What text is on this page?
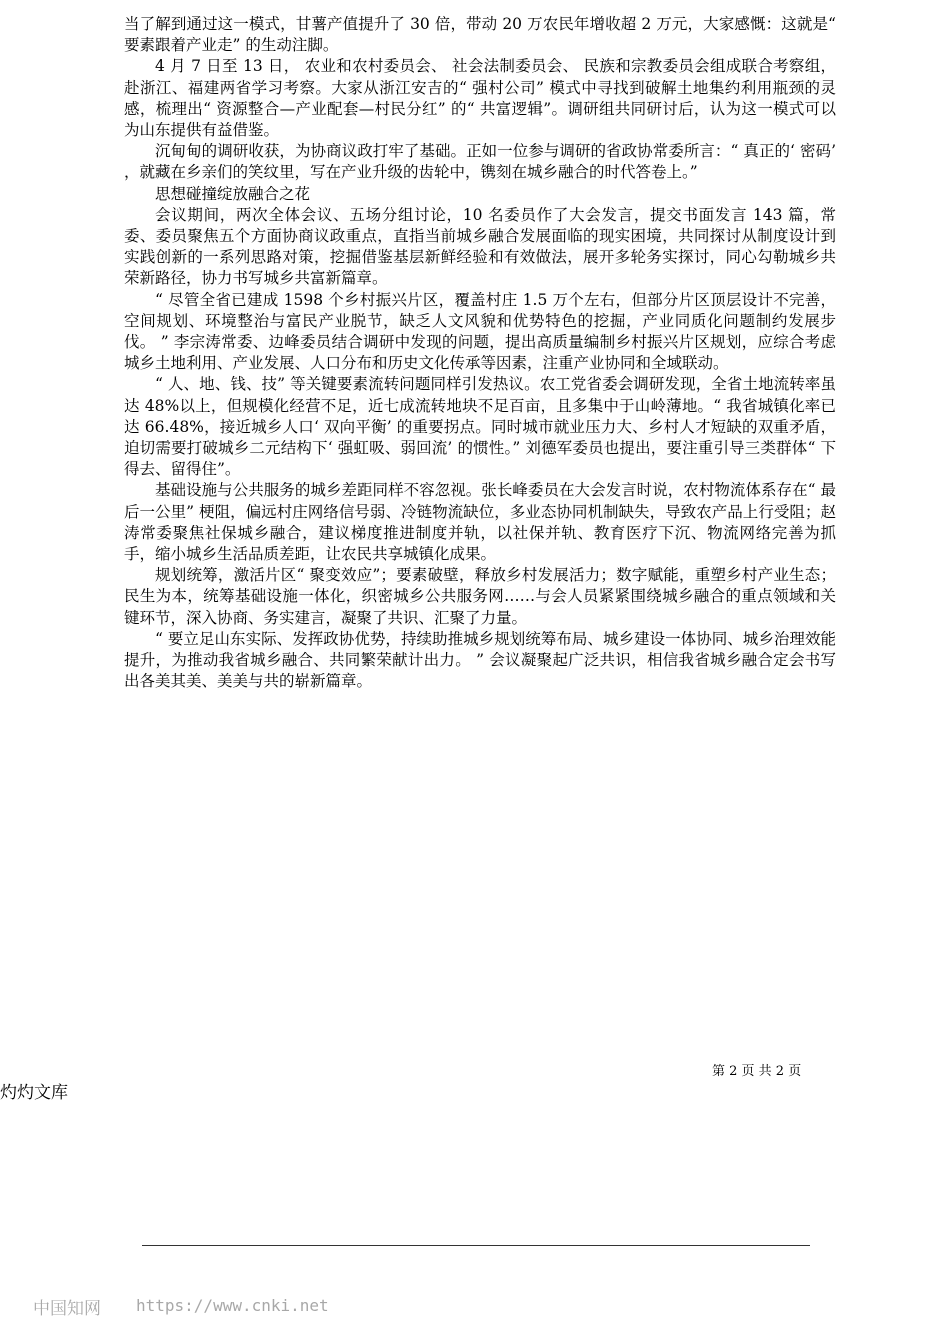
当了解到通过这一模式，甘薯产值提升了 30 倍，带动 20 万农民年增收超 2 万元，大家感慨：这就是“ 要素跟着产业走” 的生动注脚。

4 月 7 日至 13 日， 农业和农村委员会、 社会法制委员会、 民族和宗教委员会组成联合考察组，赴浙江、福建两省学习考察。大家从浙江安吉的“ 强村公司” 模式中寻找到破解土地集约利用瓶颈的灵感，梳理出“ 资源整合—产业配套—村民分红” 的“ 共富逻辑”。调研组共同研讨后，认为这一模式可以为山东提供有益借鉴。

沉甸甸的调研收获，为协商议政打牢了基础。正如一位参与调研的省政协常委所言：“ 真正的‘ 密码’ ，就藏在乡亲们的笑纹里，写在产业升级的齿轮中，镌刻在城乡融合的时代答卷上。”

思想碰撞绽放融合之花

会议期间，两次全体会议、五场分组讨论，10 名委员作了大会发言，提交书面发言 143 篇，常委、委员聚焦五个方面协商议政重点，直指当前城乡融合发展面临的现实困境，共同探讨从制度设计到实践创新的一系列思路对策，挖掘借鉴基层新鲜经验和有效做法，展开多轮务实探讨，同心勾勒城乡共荣新路径，协力书写城乡共富新篇章。

“ 尽管全省已建成 1598 个乡村振兴片区，覆盖村庄 1.5 万个左右，但部分片区顶层设计不完善，空间规划、环境整治与富民产业脱节，缺乏人文风貌和优势特色的挖掘，产业同质化问题制约发展步伐。 ” 李宗涛常委、边峰委员结合调研中发现的问题，提出高质量编制乡村振兴片区规划，应综合考虑城乡土地利用、产业发展、人口分布和历史文化传承等因素，注重产业协同和全域联动。

“ 人、地、钱、技” 等关键要素流转问题同样引发热议。农工党省委会调研发现，全省土地流转率虽达 48%以上，但规模化经营不足，近七成流转地块不足百亩，且多集中于山岭薄地。“ 我省城镇化率已达 66.48%，接近城乡人口‘ 双向平衡’ 的重要拐点。同时城市就业压力大、乡村人才短缺的双重矛盾，迫切需要打破城乡二元结构下‘ 强虹吸、弱回流’ 的惯性。” 刘德军委员也提出，要注重引导三类群体“ 下得去、留得住”。

基础设施与公共服务的城乡差距同样不容忽视。张长峰委员在大会发言时说，农村物流体系存在“ 最后一公里” 梗阻，偏远村庄网络信号弱、冷链物流缺位，多业态协同机制缺失，导致农产品上行受阻；赵涛常委聚焦社保城乡融合，建议梯度推进制度并轨，以社保并轨、教育医疗下沉、物流网络完善为抓手，缩小城乡生活品质差距，让农民共享城镇化成果。

规划统筹，激活片区“ 聚变效应”；要素破壁，释放乡村发展活力；数字赋能，重塑乡村产业生态；民生为本，统筹基础设施一体化，织密城乡公共服务网……与会人员紧紧围绕城乡融合的重点领域和关键环节，深入协商、务实建言，凝聚了共识、汇聚了力量。

“ 要立足山东实际、发挥政协优势，持续助推城乡规划统筹布局、城乡建设一体协同、城乡治理效能提升，为推动我省城乡融合、共同繁荣献计出力。 ” 会议凝聚起广泛共识，相信我省城乡融合定会书写出各美其美、美美与共的崭新篇章。

第 2 页 共 2 页
灼灼文库
中国知网 https://www.cnki.net
